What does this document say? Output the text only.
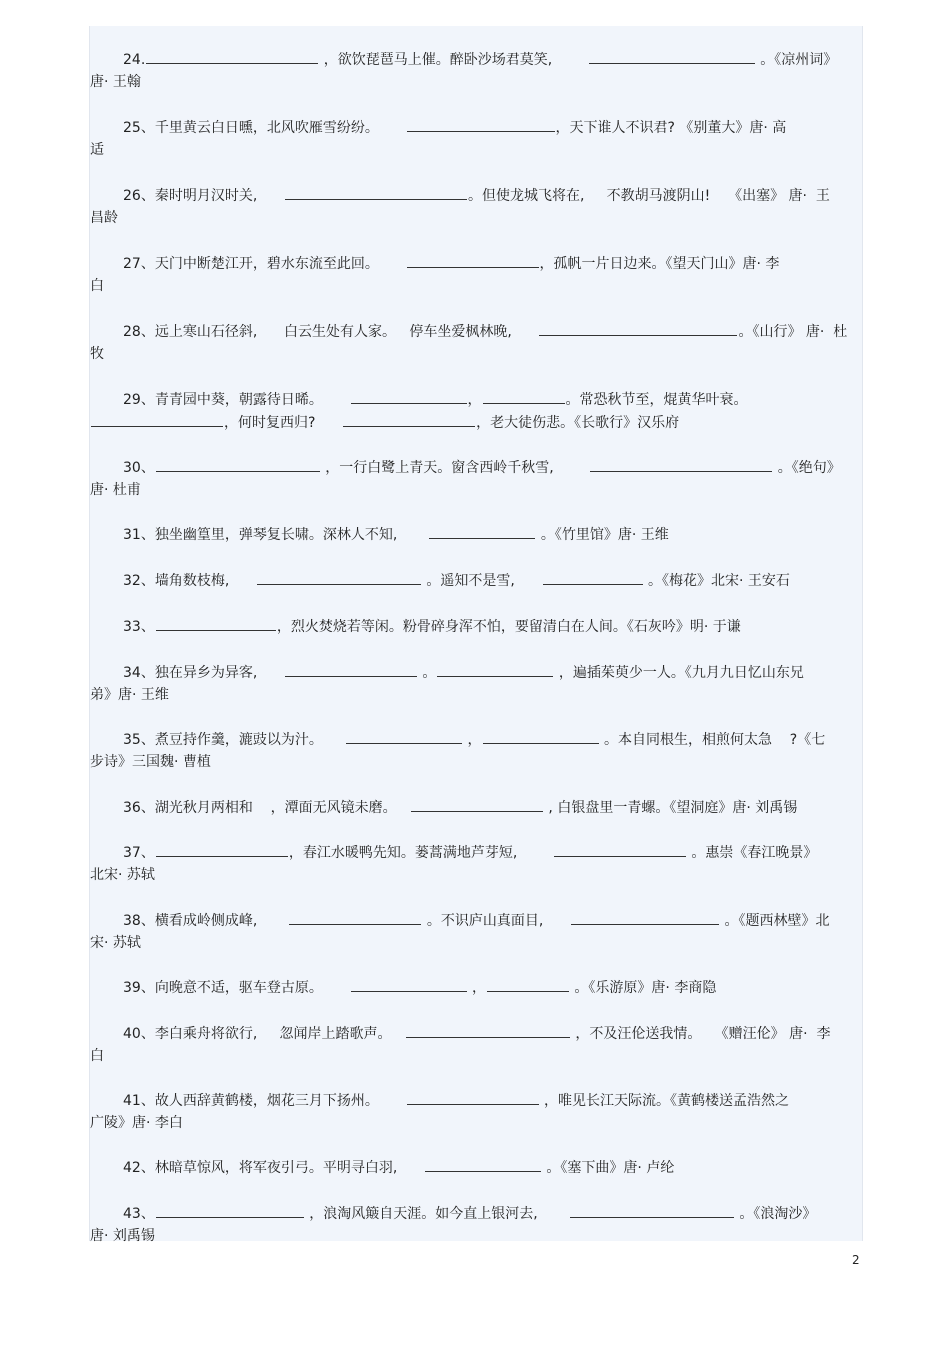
24.	，欲饮琵琶马上催。醉卧沙场君莫笑,	。《凉州词》
唐· 王翰
25、千里黄云白日曛，北风吹雁雪纷纷。	，天下谁人不识君? 《别董大》唐· 高
适
26、秦时明月汉时关,	。但使龙城飞将在,     不教胡马渡阴山!    《出塞》 唐·  王
昌龄
27、天门中断楚江开，碧水东流至此回。	，孤帆一片日边来。《望天门山》唐· 李
白
28、远上寒山石径斜,      白云生处有人家。   停车坐爱枫林晚,	。《山行》 唐·  杜
牧
29、青青园中葵，朝露待日晞。	，	。常恐秋节至，焜黄华叶衰。
，何时复西归?	，老大徒伤悲。《长歌行》汉乐府
30、	，一行白鹭上青天。窗含西岭千秋雪,	。《绝句》
唐· 杜甫
31、独坐幽篁里，弹琴复长啸。深林人不知,	。《竹里馆》唐· 王维
32、墙角数枝梅,	。遥知不是雪,	。《梅花》北宋· 王安石
33、	，烈火焚烧若等闲。粉骨碎身浑不怕，要留清白在人间。《石灰吟》明· 于谦
34、独在异乡为异客,	。	，遍插茱萸少一人。《九月九日忆山东兄
弟》唐· 王维
35、煮豆持作羹，漉豉以为汁。	，	。本自同根生，相煎何太急    ?《七
步诗》三国魏· 曹植
36、湖光秋月两相和    ，潭面无风镜未磨。	, 白银盘里一青螺。《望洞庭》唐· 刘禹锡
37、	，春江水暖鸭先知。蒌蒿满地芦芽短,	。惠崇《春江晚景》
北宋· 苏轼
38、横看成岭侧成峰,	。不识庐山真面目,	。《题西林壁》北
宋· 苏轼
39、向晚意不适，驱车登古原。	，	。《乐游原》唐· 李商隐
40、李白乘舟将欲行,     忽闻岸上踏歌声。	，不及汪伦送我情。   《赠汪伦》 唐·  李
白
41、故人西辞黄鹤楼，烟花三月下扬州。	，唯见长江天际流。《黄鹤楼送孟浩然之
广陵》唐· 李白
42、林暗草惊风，将军夜引弓。平明寻白羽,	。《塞下曲》唐· 卢纶
43、	，浪淘风簸自天涯。如今直上银河去,	。《浪淘沙》
唐· 刘禹锡
2
